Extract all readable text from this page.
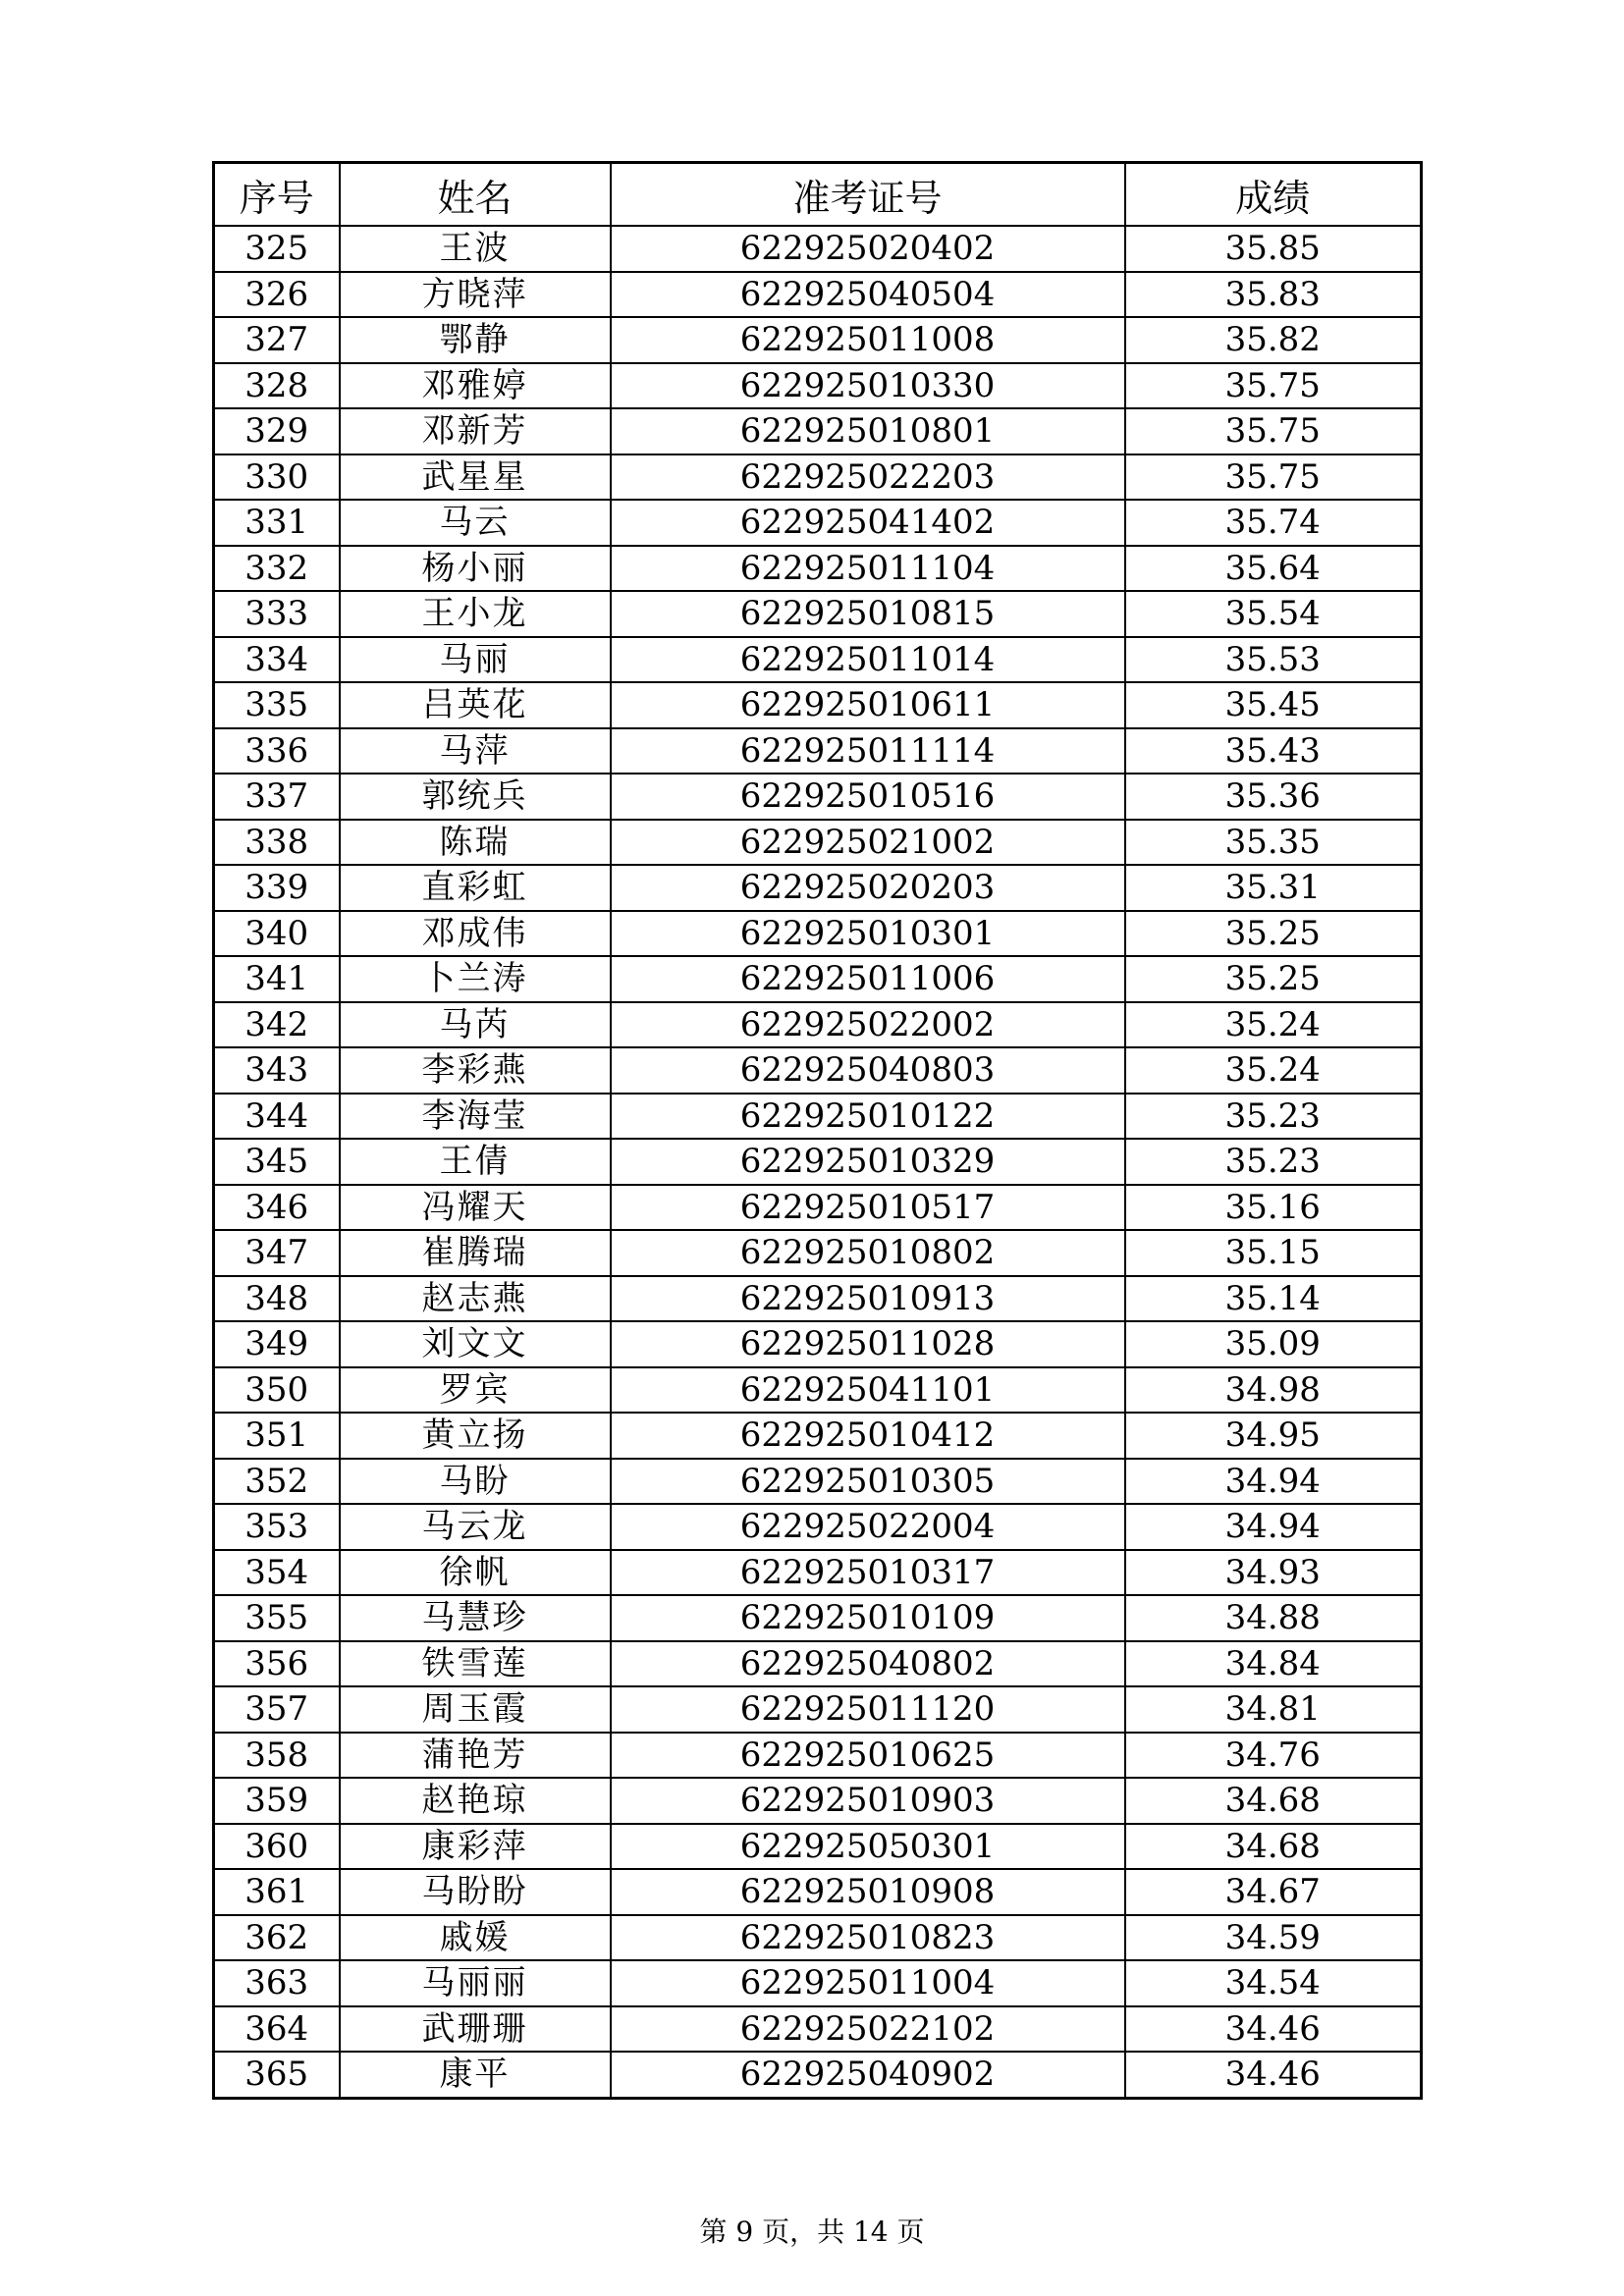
序号	姓名	准考证号	成绩
325	王波	622925020402	35.85
326	方晓萍	622925040504	35.83
327	鄂静	622925011008	35.82
328	邓雅婷	622925010330	35.75
329	邓新芳	622925010801	35.75
330	武星星	622925022203	35.75
331	马云	622925041402	35.74
332	杨小丽	622925011104	35.64
333	王小龙	622925010815	35.54
334	马丽	622925011014	35.53
335	吕英花	622925010611	35.45
336	马萍	622925011114	35.43
337	郭统兵	622925010516	35.36
338	陈瑞	622925021002	35.35
339	直彩虹	622925020203	35.31
340	邓成伟	622925010301	35.25
341	卜兰涛	622925011006	35.25
342	马芮	622925022002	35.24
343	李彩燕	622925040803	35.24
344	李海莹	622925010122	35.23
345	王倩	622925010329	35.23
346	冯耀天	622925010517	35.16
347	崔腾瑞	622925010802	35.15
348	赵志燕	622925010913	35.14
349	刘文文	622925011028	35.09
350	罗宾	622925041101	34.98
351	黄立扬	622925010412	34.95
352	马盼	622925010305	34.94
353	马云龙	622925022004	34.94
354	徐帆	622925010317	34.93
355	马慧珍	622925010109	34.88
356	铁雪莲	622925040802	34.84
357	周玉霞	622925011120	34.81
358	蒲艳芳	622925010625	34.76
359	赵艳琼	622925010903	34.68
360	康彩萍	622925050301	34.68
361	马盼盼	622925010908	34.67
362	戚媛	622925010823	34.59
363	马丽丽	622925011004	34.54
364	武珊珊	622925022102	34.46
365	康平	622925040902	34.46
第 9 页，共 14 页
